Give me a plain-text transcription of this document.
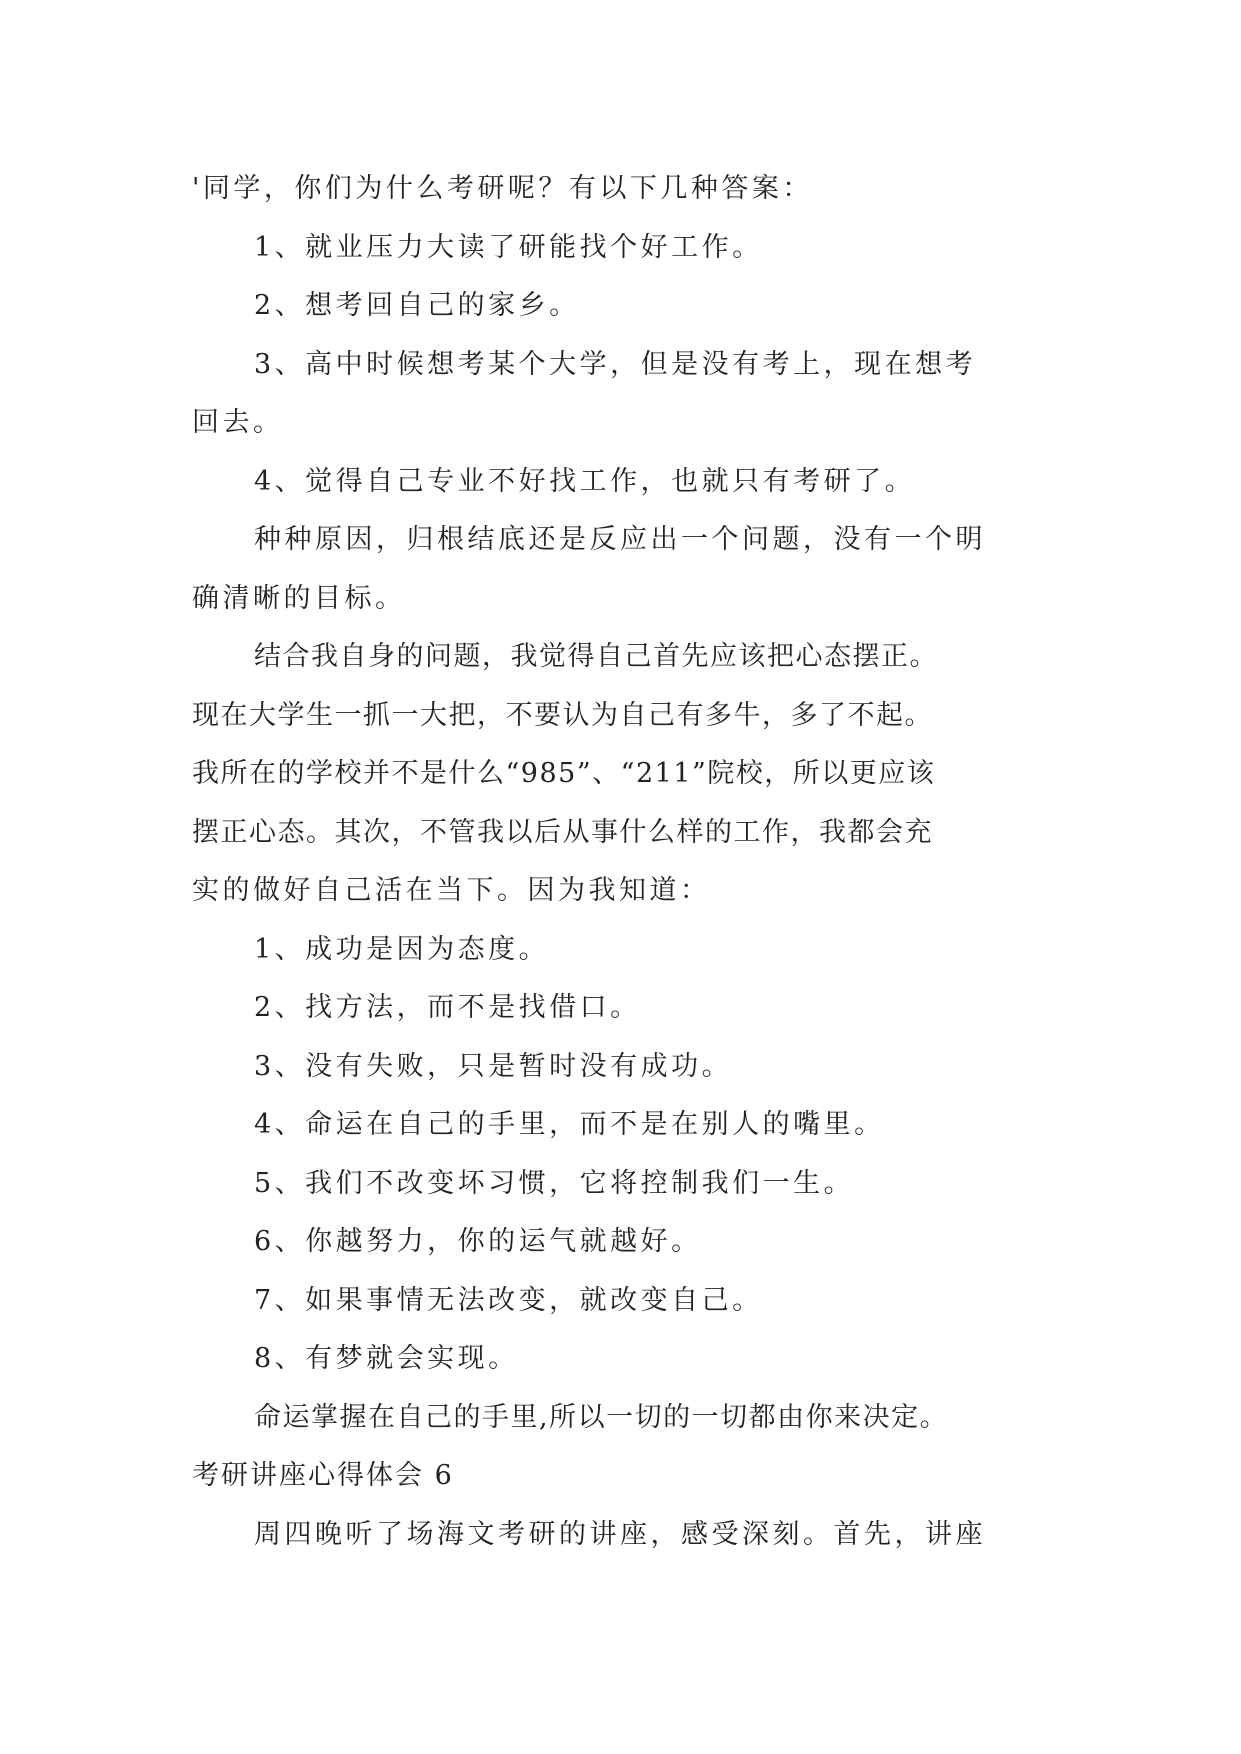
'同学，你们为什么考研呢？有以下几种答案：
1、就业压力大读了研能找个好工作。
2、想考回自己的家乡。
3、高中时候想考某个大学，但是没有考上，现在想考
回去。
4、觉得自己专业不好找工作，也就只有考研了。
种种原因，归根结底还是反应出一个问题，没有一个明
确清晰的目标。
结合我自身的问题，我觉得自己首先应该把心态摆正。
现在大学生一抓一大把，不要认为自己有多牛，多了不起。
我所在的学校并不是什么“985”、“211”院校，所以更应该
摆正心态。其次，不管我以后从事什么样的工作，我都会充
实的做好自己活在当下。因为我知道：
1、成功是因为态度。
2、找方法，而不是找借口。
3、没有失败，只是暂时没有成功。
4、命运在自己的手里，而不是在别人的嘴里。
5、我们不改变坏习惯，它将控制我们一生。
6、你越努力，你的运气就越好。
7、如果事情无法改变，就改变自己。
8、有梦就会实现。
命运掌握在自己的手里,所以一切的一切都由你来决定。
考研讲座心得体会 6
周四晚听了场海文考研的讲座，感受深刻。首先，讲座
